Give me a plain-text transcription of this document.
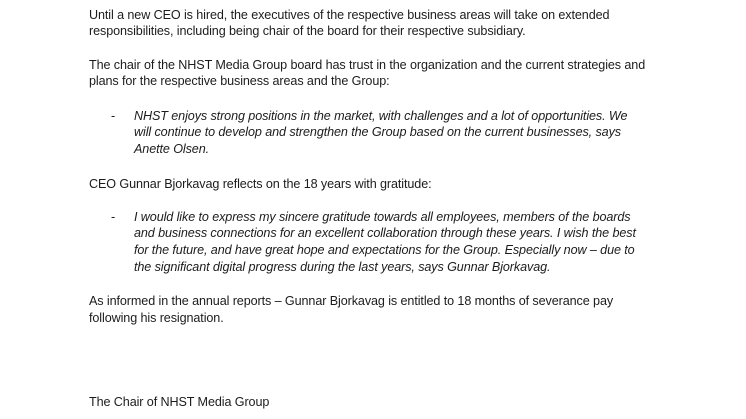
Until a new CEO is hired, the executives of the respective business areas will take on extended
responsibilities, including being chair of the board for their respective subsidiary.
The chair of the NHST Media Group board has trust in the organization and the current strategies and
plans for the respective business areas and the Group:
- NHST enjoys strong positions in the market, with challenges and a lot of opportunities. We
will continue to develop and strengthen the Group based on the current businesses, says
Anette Olsen.
CEO Gunnar Bjorkavag reflects on the 18 years with gratitude:
- I would like to express my sincere gratitude towards all employees, members of the boards
and business connections for an excellent collaboration through these years. I wish the best
for the future, and have great hope and expectations for the Group. Especially now – due to
the significant digital progress during the last years, says Gunnar Bjorkavag.
As informed in the annual reports – Gunnar Bjorkavag is entitled to 18 months of severance pay
following his resignation.
The Chair of NHST Media Group
